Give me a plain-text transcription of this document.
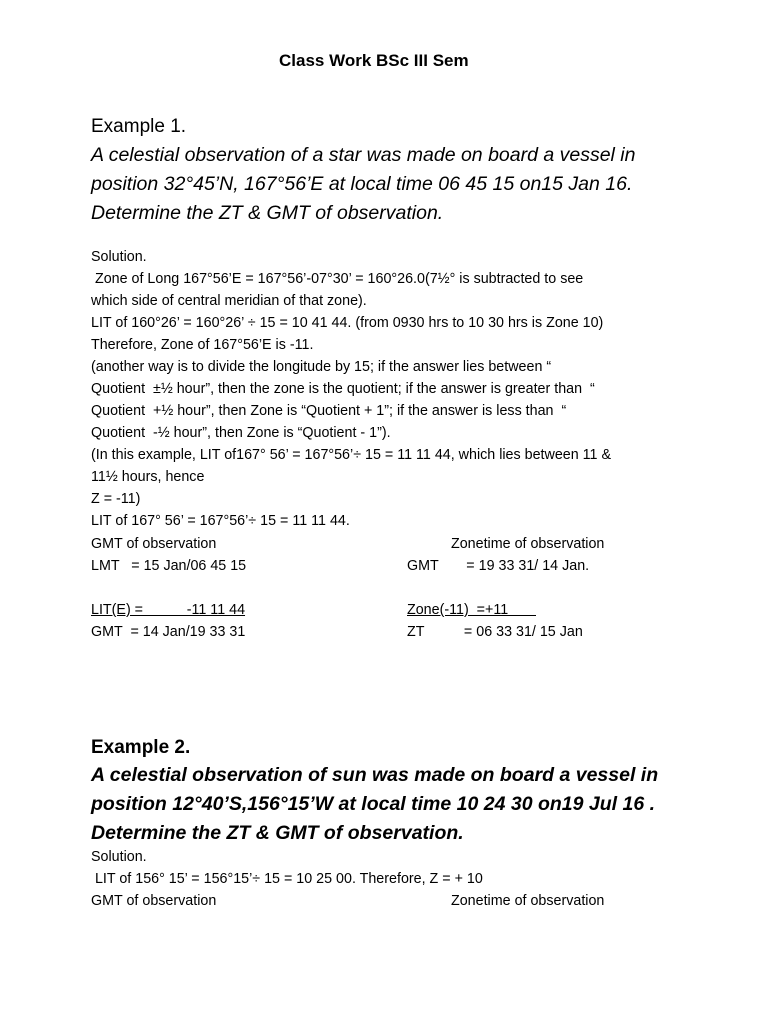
Class Work BSc III Sem
Example 1.
A celestial observation of a star was made on board a vessel in
position 32°45’N, 167°56’E at local time 06 45 15 on15 Jan 16.
Determine the ZT & GMT of observation.
Solution.
Zone of Long 167°56’E = 167°56’-07°30’ = 160°26.0(7½° is subtracted to see
which side of central meridian of that zone).
LIT of 160°26’ = 160°26’ ÷ 15 = 10 41 44. (from 0930 hrs to 10 30 hrs is Zone 10)
Therefore, Zone of 167°56’E is -11.
(another way is to divide the longitude by 15; if the answer lies between “
Quotient  ±½ hour”, then the zone is the quotient; if the answer is greater than  “
Quotient  +½ hour”, then Zone is “Quotient + 1”; if the answer is less than  “
Quotient  -½ hour”, then Zone is “Quotient - 1”).
(In this example, LIT of167° 56’ = 167°56’÷ 15 = 11 11 44, which lies between 11 &
11½ hours, hence
Z = -11)
LIT of 167° 56’ = 167°56’÷ 15 = 11 11 44.
GMT of observation	Zonetime of observation
LMT   = 15 Jan/06 45 15	GMT       = 19 33 31/ 14 Jan.
LIT(E) =           -11 11 44	Zone(-11)  =+11
GMT  = 14 Jan/19 33 31	ZT          = 06 33 31/ 15 Jan
Example 2.
A celestial observation of sun was made on board a vessel in
position 12°40’S,156°15’W at local time 10 24 30 on19 Jul 16 .
Determine the ZT & GMT of observation.
Solution.
LIT of 156° 15’ = 156°15’÷ 15 = 10 25 00. Therefore, Z = + 10
GMT of observation	Zonetime of observation
